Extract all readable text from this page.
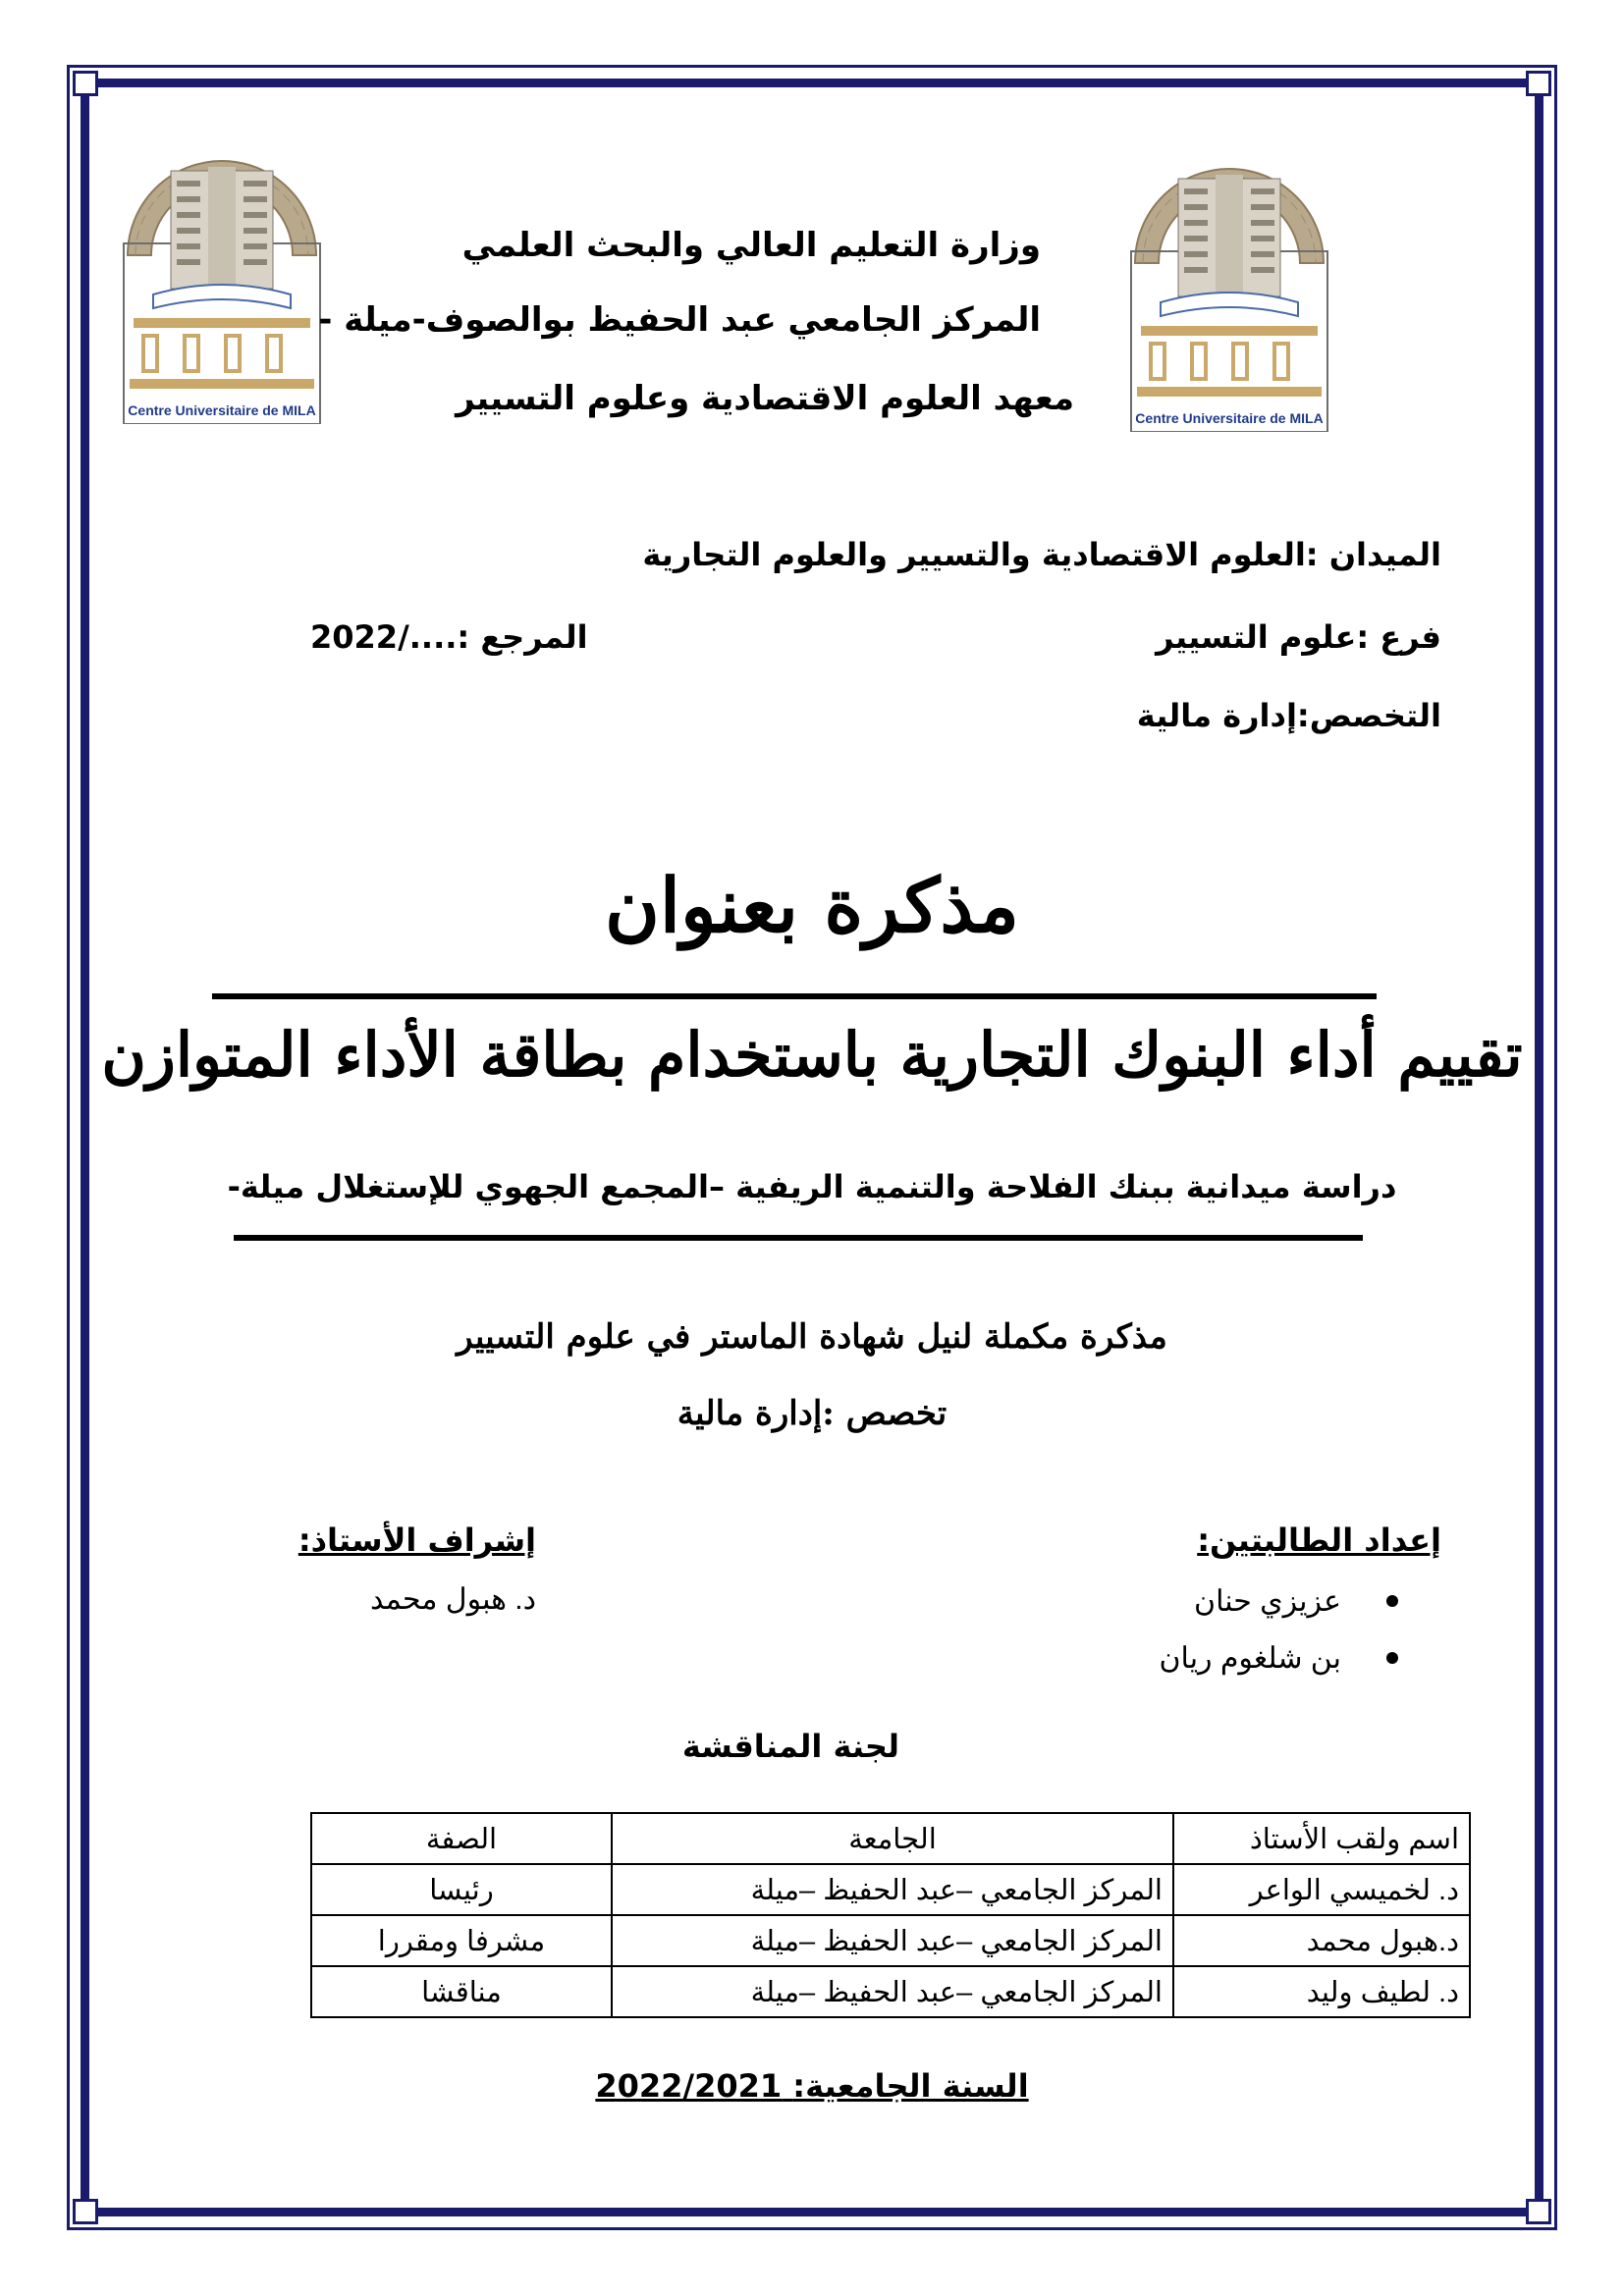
Centre Universitaire de MILA	Centre Universitaire de MILA
وزارة التعليم العالي والبحث العلمي
المركز الجامعي عبد الحفيظ بوالصوف-ميلة -
معهد العلوم الاقتصادية وعلوم التسيير
الميدان :العلوم الاقتصادية والتسيير والعلوم التجارية
فرع :علوم التسيير
المرجع :..../2022
التخصص:إدارة مالية
مذكرة بعنوان
تقييم أداء البنوك التجارية باستخدام بطاقة الأداء المتوازن
دراسة ميدانية ببنك الفلاحة والتنمية الريفية –المجمع الجهوي للإستغلال ميلة-
مذكرة مكملة لنيل شهادة الماستر في علوم التسيير
تخصص :إدارة مالية
إعداد الطالبتين:
عزيزي حنان
بن شلغوم ريان
إشراف الأستاذ:
د. هبول محمد
لجنة المناقشة
اسم ولقب الأستاذ	الجامعة	الصفة
د. لخميسي الواعر	المركز الجامعي –عبد الحفيظ –ميلة	رئيسا
د.هبول محمد	المركز الجامعي –عبد الحفيظ –ميلة	مشرفا ومقررا
د. لطيف وليد	المركز الجامعي –عبد الحفيظ –ميلة	مناقشا
السنة الجامعية: 2022/2021
